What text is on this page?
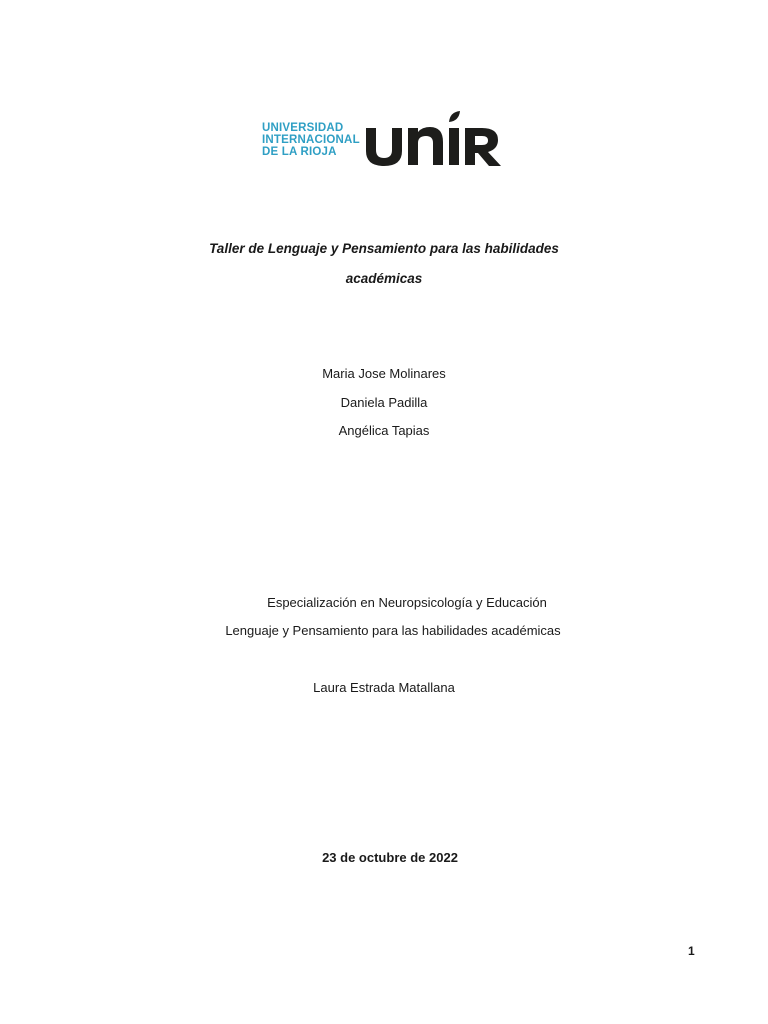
UNIVERSIDAD
INTERNACIONAL
DE LA RIOJA
Taller de Lenguaje y Pensamiento para las habilidades
académicas
Maria Jose Molinares
Daniela Padilla
Angélica Tapias
Especialización en Neuropsicología y Educación
Lenguaje y Pensamiento para las habilidades académicas
Laura Estrada Matallana
23 de octubre de 2022
1
